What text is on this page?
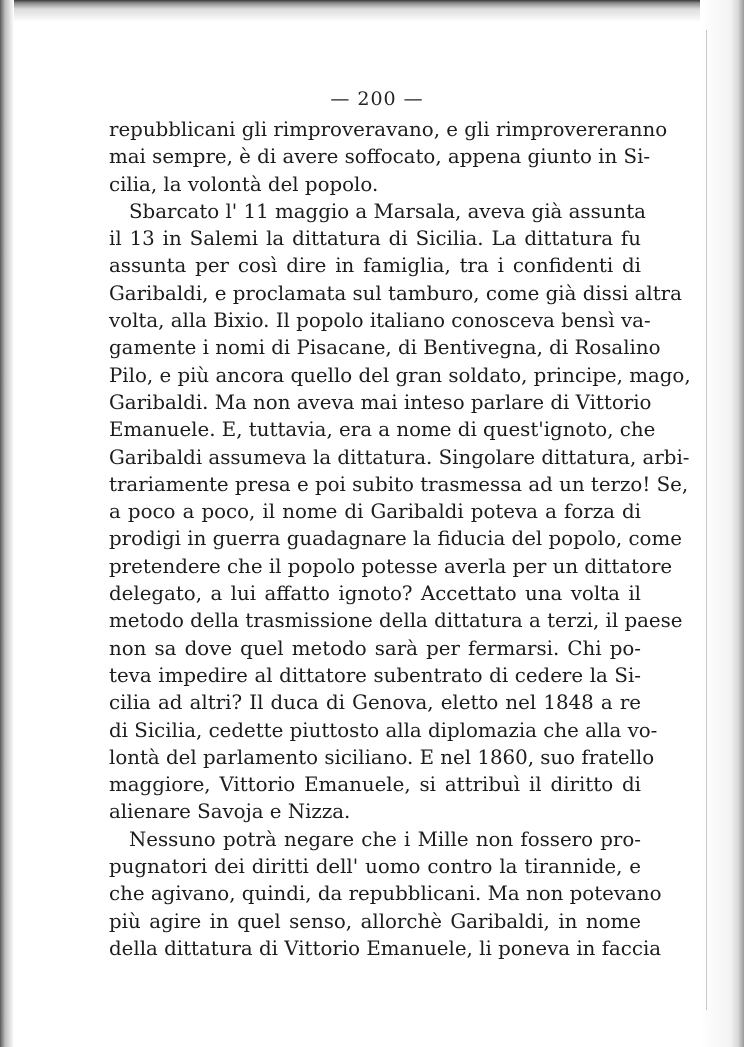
— 200 —
repubblicani gli rimproveravano, e gli rimprovereranno
mai sempre, è di avere soffocato, appena giunto in Si-
cilia, la volontà del popolo.
Sbarcato l' 11 maggio a Marsala, aveva già assunta
il 13 in Salemi la dittatura di Sicilia. La dittatura fu
assunta per così dire in famiglia, tra i confidenti di
Garibaldi, e proclamata sul tamburo, come già dissi altra
volta, alla Bixio. Il popolo italiano conosceva bensì va-
gamente i nomi di Pisacane, di Bentivegna, di Rosalino
Pilo, e più ancora quello del gran soldato, principe, mago,
Garibaldi. Ma non aveva mai inteso parlare di Vittorio
Emanuele. E, tuttavia, era a nome di quest'ignoto, che
Garibaldi assumeva la dittatura. Singolare dittatura, arbi-
trariamente presa e poi subito trasmessa ad un terzo! Se,
a poco a poco, il nome di Garibaldi poteva a forza di
prodigi in guerra guadagnare la fiducia del popolo, come
pretendere che il popolo potesse averla per un dittatore
delegato, a lui affatto ignoto? Accettato una volta il
metodo della trasmissione della dittatura a terzi, il paese
non sa dove quel metodo sarà per fermarsi. Chi po-
teva impedire al dittatore subentrato di cedere la Si-
cilia ad altri? Il duca di Genova, eletto nel 1848 a re
di Sicilia, cedette piuttosto alla diplomazia che alla vo-
lontà del parlamento siciliano. E nel 1860, suo fratello
maggiore, Vittorio Emanuele, si attribuì il diritto di
alienare Savoja e Nizza.
Nessuno potrà negare che i Mille non fossero pro-
pugnatori dei diritti dell' uomo contro la tirannide, e
che agivano, quindi, da repubblicani. Ma non potevano
più agire in quel senso, allorchè Garibaldi, in nome
della dittatura di Vittorio Emanuele, li poneva in faccia
